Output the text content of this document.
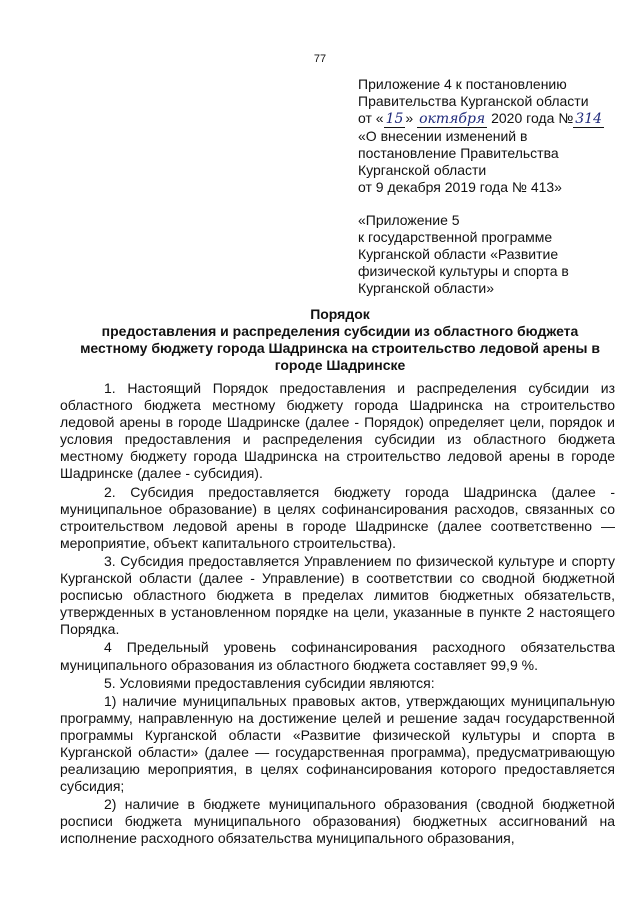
77
Приложение 4 к постановлению
Правительства Курганской области
от « 15 » октября 2020 года № 314
«О внесении изменений в
постановление Правительства
Курганской области
от 9 декабря 2019 года № 413»
«Приложение 5
к государственной программе
Курганской области «Развитие
физической культуры и спорта в
Курганской области»
Порядок
предоставления и распределения субсидии из областного бюджета
местному бюджету города Шадринска на строительство ледовой арены в
городе Шадринске

1. Настоящий Порядок предоставления и распределения субсидии из областного бюджета местному бюджету города Шадринска на строительство ледовой арены в городе Шадринске (далее - Порядок) определяет цели, порядок и условия предоставления и распределения субсидии из областного бюджета местному бюджету города Шадринска на строительство ледовой арены в городе Шадринске (далее - субсидия).

2. Субсидия предоставляется бюджету города Шадринска (далее - муниципальное образование) в целях софинансирования расходов, связанных со строительством ледовой арены в городе Шадринске (далее соответственно — мероприятие, объект капитального строительства).

3. Субсидия предоставляется Управлением по физической культуре и спорту Курганской области (далее - Управление) в соответствии со сводной бюджетной росписью областного бюджета в пределах лимитов бюджетных обязательств, утвержденных в установленном порядке на цели, указанные в пункте 2 настоящего Порядка.

4 Предельный уровень софинансирования расходного обязательства муниципального образования из областного бюджета составляет 99,9 %.

5. Условиями предоставления субсидии являются:

1) наличие муниципальных правовых актов, утверждающих муниципальную программу, направленную на достижение целей и решение задач государственной программы Курганской области «Развитие физической культуры и спорта в Курганской области» (далее — государственная программа), предусматривающую реализацию мероприятия, в целях софинансирования которого предоставляется субсидия;

2) наличие в бюджете муниципального образования (сводной бюджетной росписи бюджета муниципального образования) бюджетных ассигнований на исполнение расходного обязательства муниципального образования,
